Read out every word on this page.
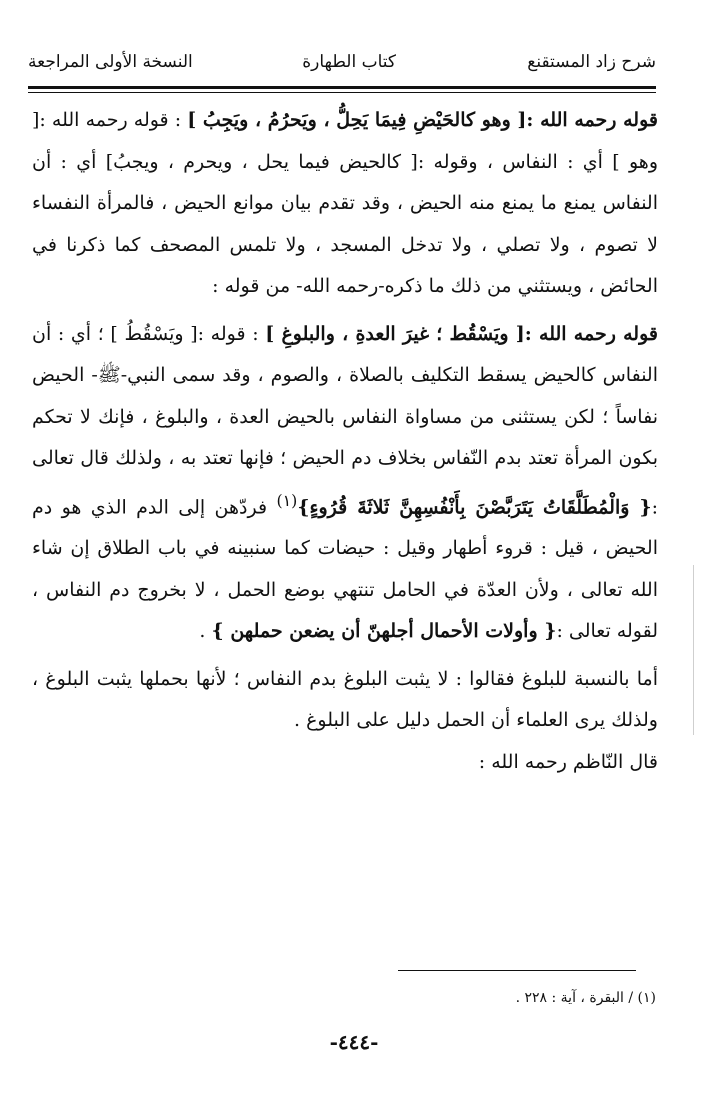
شرح زاد المستقنع
كتاب الطهارة
النسخة الأولى المراجعة

قوله رحمه الله :[ وهو كالحَيْضِ فِيمَا يَحِلُّ ، ويَحرُمُ ، ويَجِبُ ] : قوله رحمه الله :[ وهو ] أي : النفاس ، وقوله :[ كالحيض فيما يحل ، ويحرم ، ويجبُ] أي : أن النفاس يمنع ما يمنع منه الحيض ، وقد تقدم بيان موانع الحيض ، فالمرأة النفساء لا تصوم ، ولا تصلي ، ولا تدخل المسجد ، ولا تلمس المصحف كما ذكرنا في الحائض ، ويستثني من ذلك ما ذكره-رحمه الله- من قوله :

قوله رحمه الله :[ ويَسْقُط ؛ غيرَ العدةِ ، والبلوغِ ] : قوله :[ ويَسْقُطُ ] ؛ أي : أن النفاس كالحيض يسقط التكليف بالصلاة ، والصوم ، وقد سمى النبي-ﷺ- الحيض نفاساً ؛ لكن يستثنى من مساواة النفاس بالحيض العدة ، والبلوغ ، فإنك لا تحكم بكون المرأة تعتد بدم النّفاس بخلاف دم الحيض ؛ فإنها تعتد به ، ولذلك قال تعالى :{ وَالْمُطَلَّقَاتُ يَتَرَبَّصْنَ بِأَنْفُسِهِنَّ ثَلاثَةَ قُرُوءٍ}$^{(١)}$ فردّهن إلى الدم الذي هو دم الحيض ، قيل : قروء أطهار وقيل : حيضات كما سنبينه في باب الطلاق إن شاء الله تعالى ، ولأن العدّة في الحامل تنتهي بوضع الحمل ، لا بخروج دم النفاس ، لقوله تعالى :{ وأولات الأحمال أجلهنّ أن يضعن حملهن } .

أما بالنسبة للبلوغ فقالوا : لا يثبت البلوغ بدم النفاس ؛ لأنها بحملها يثبت البلوغ ، ولذلك يرى العلماء أن الحمل دليل على البلوغ .

قال النّاظم رحمه الله :

(١) / البقرة ، آية : ٢٢٨ .
-٤٤٤-
